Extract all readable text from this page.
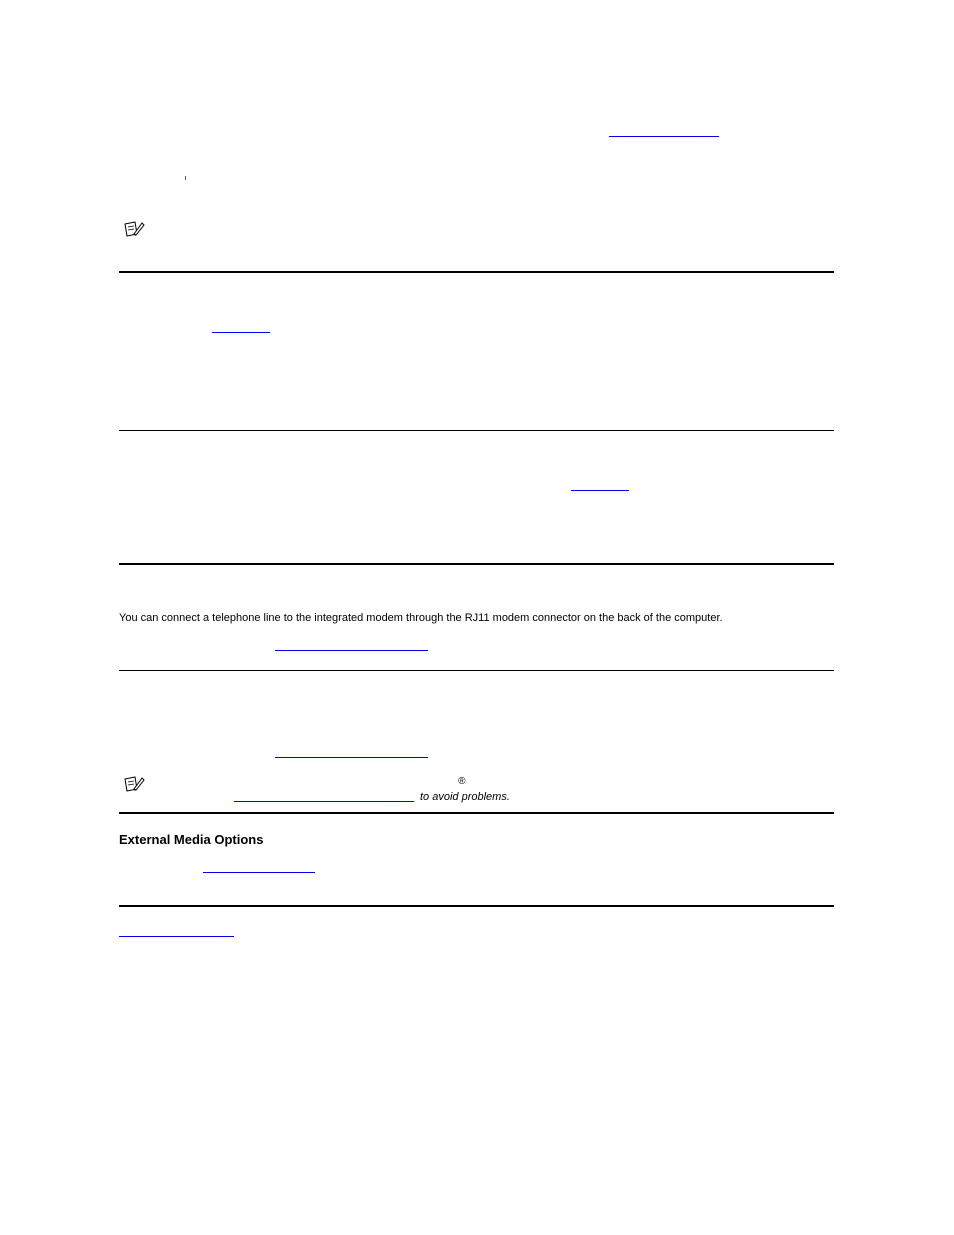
You can connect a telephone line to the integrated modem through the RJ11 modem connector on the back of the computer.
®
to avoid problems.
External Media Options
